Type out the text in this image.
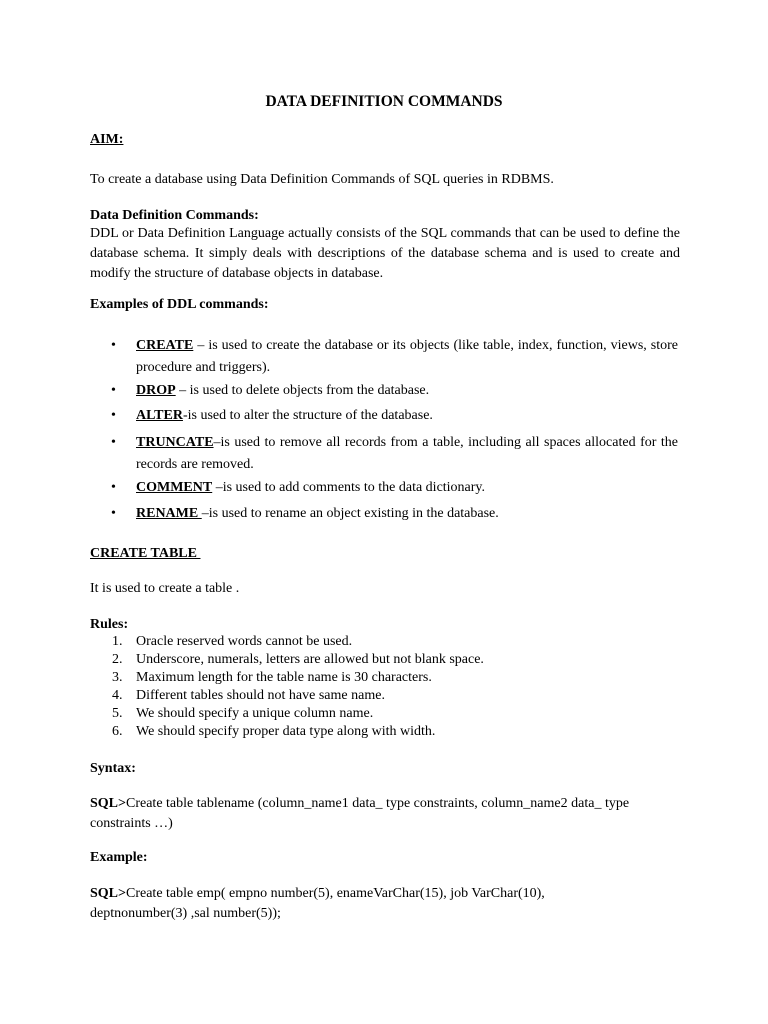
DATA DEFINITION COMMANDS
AIM:
To create a database using Data Definition Commands of SQL queries in RDBMS.
Data Definition Commands:
DDL or Data Definition Language actually consists of the SQL commands that can be used to define the database schema. It simply deals with descriptions of the database schema and is used to create and modify the structure of database objects in database.
Examples of DDL commands:
• CREATE – is used to create the database or its objects (like table, index, function, views, store procedure and triggers).
• DROP – is used to delete objects from the database.
• ALTER-is used to alter the structure of the database.
• TRUNCATE–is used to remove all records from a table, including all spaces allocated for the records are removed.
• COMMENT –is used to add comments to the data dictionary.
• RENAME –is used to rename an object existing in the database.
CREATE TABLE
It is used to create a table .
Rules:
1. Oracle reserved words cannot be used.
2. Underscore, numerals, letters are allowed but not blank space.
3. Maximum length for the table name is 30 characters.
4. Different tables should not have same name.
5. We should specify a unique column name.
6. We should specify proper data type along with width.
Syntax:
SQL>Create table tablename (column_name1 data_ type constraints, column_name2 data_ type constraints …)
Example:
SQL>Create table emp( empno number(5), enameVarChar(15), job VarChar(10), deptnonumber(3) ,sal number(5));
